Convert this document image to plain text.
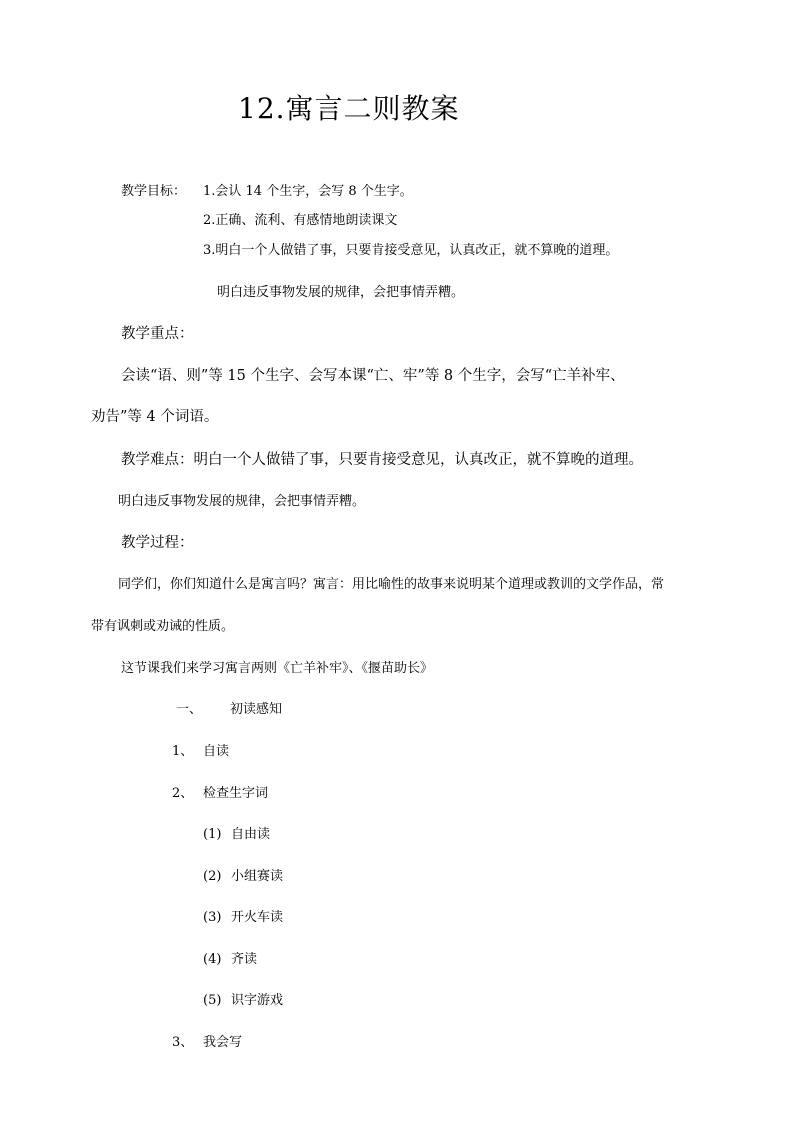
12.寓言二则教案
教学目标： 1.会认 14 个生字，会写 8 个生字。
2.正确、流利、有感情地朗读课文
3.明白一个人做错了事，只要肯接受意见，认真改正，就不算晚的道理。
明白违反事物发展的规律，会把事情弄糟。
教学重点：
会读“语、则”等 15 个生字、会写本课“亡、牢”等 8 个生字，会写“亡羊补牢、
劝告”等 4 个词语。
教学难点：明白一个人做错了事，只要肯接受意见，认真改正，就不算晚的道理。
明白违反事物发展的规律，会把事情弄糟。
教学过程：
同学们，你们知道什么是寓言吗？寓言：用比喻性的故事来说明某个道理或教训的文学作品，常
带有讽刺或劝诫的性质。
这节课我们来学习寓言两则《亡羊补牢》、《揠苗助长》
一、 初读感知
1、 自读
2、 检查生字词
(1) 自由读
(2) 小组赛读
(3) 开火车读
(4) 齐读
(5) 识字游戏
3、 我会写
